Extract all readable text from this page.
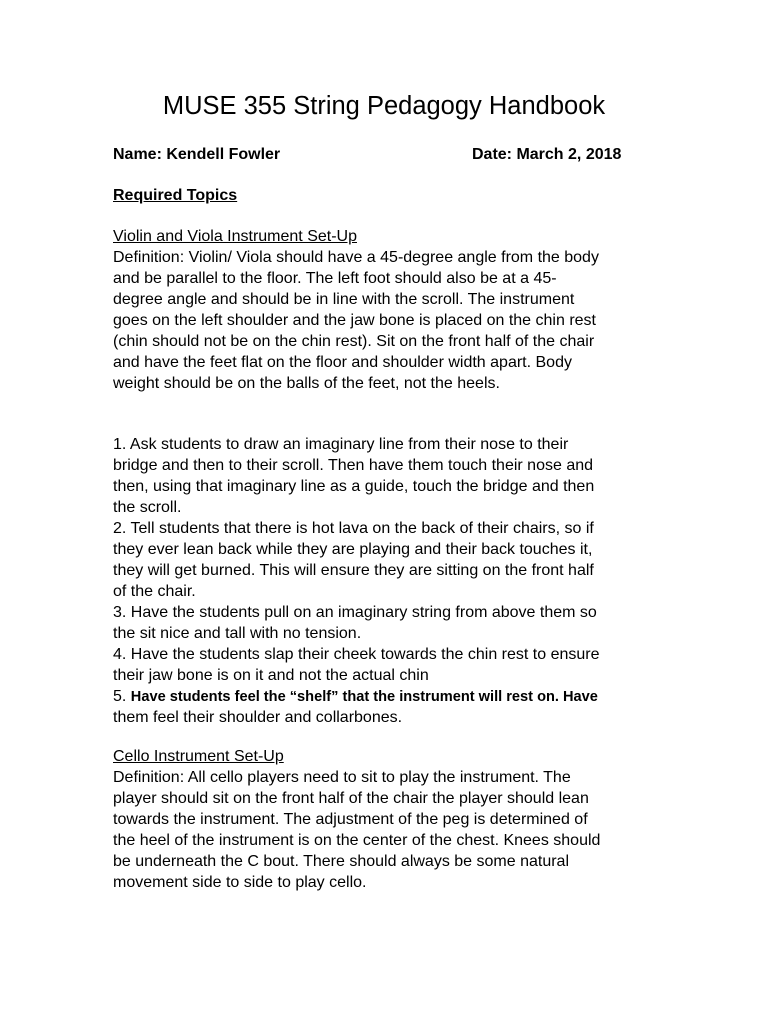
MUSE 355 String Pedagogy Handbook
Name: Kendell Fowler	Date: March 2, 2018
Required Topics
Violin and Viola Instrument Set-Up
Definition: Violin/ Viola should have a 45-degree angle from the body
and be parallel to the floor. The left foot should also be at a 45-
degree angle and should be in line with the scroll. The instrument
goes on the left shoulder and the jaw bone is placed on the chin rest
(chin should not be on the chin rest). Sit on the front half of the chair
and have the feet flat on the floor and shoulder width apart. Body
weight should be on the balls of the feet, not the heels.
1. Ask students to draw an imaginary line from their nose to their
bridge and then to their scroll. Then have them touch their nose and
then, using that imaginary line as a guide, touch the bridge and then
the scroll.
2. Tell students that there is hot lava on the back of their chairs, so if
they ever lean back while they are playing and their back touches it,
they will get burned. This will ensure they are sitting on the front half
of the chair.
3. Have the students pull on an imaginary string from above them so
the sit nice and tall with no tension.
4. Have the students slap their cheek towards the chin rest to ensure
their jaw bone is on it and not the actual chin
5. Have students feel the “shelf” that the instrument will rest on. Have
them feel their shoulder and collarbones.
Cello Instrument Set-Up
Definition: All cello players need to sit to play the instrument. The
player should sit on the front half of the chair the player should lean
towards the instrument. The adjustment of the peg is determined of
the heel of the instrument is on the center of the chest. Knees should
be underneath the C bout. There should always be some natural
movement side to side to play cello.
